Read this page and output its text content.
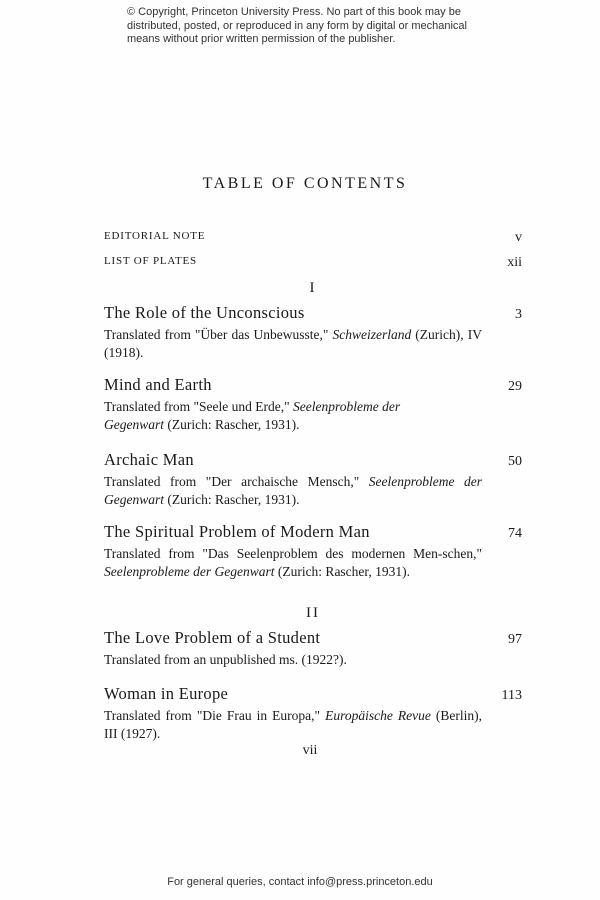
© Copyright, Princeton University Press. No part of this book may be distributed, posted, or reproduced in any form by digital or mechanical means without prior written permission of the publisher.
TABLE OF CONTENTS
EDITORIAL NOTE	v
LIST OF PLATES	xii
I
The Role of the Unconscious	3
Translated from "Über das Unbewusste," Schweizerland (Zurich), IV (1918).
Mind and Earth	29
Translated from "Seele und Erde," Seelenprobleme der Gegenwart (Zurich: Rascher, 1931).
Archaic Man	50
Translated from "Der archaische Mensch," Seelenprobleme der Gegenwart (Zurich: Rascher, 1931).
The Spiritual Problem of Modern Man	74
Translated from "Das Seelenproblem des modernen Men-schen," Seelenprobleme der Gegenwart (Zurich: Rascher, 1931).
II
The Love Problem of a Student	97
Translated from an unpublished ms. (1922?).
Woman in Europe	113
Translated from "Die Frau in Europa," Europäische Revue (Berlin), III (1927).
vii
For general queries, contact info@press.princeton.edu
